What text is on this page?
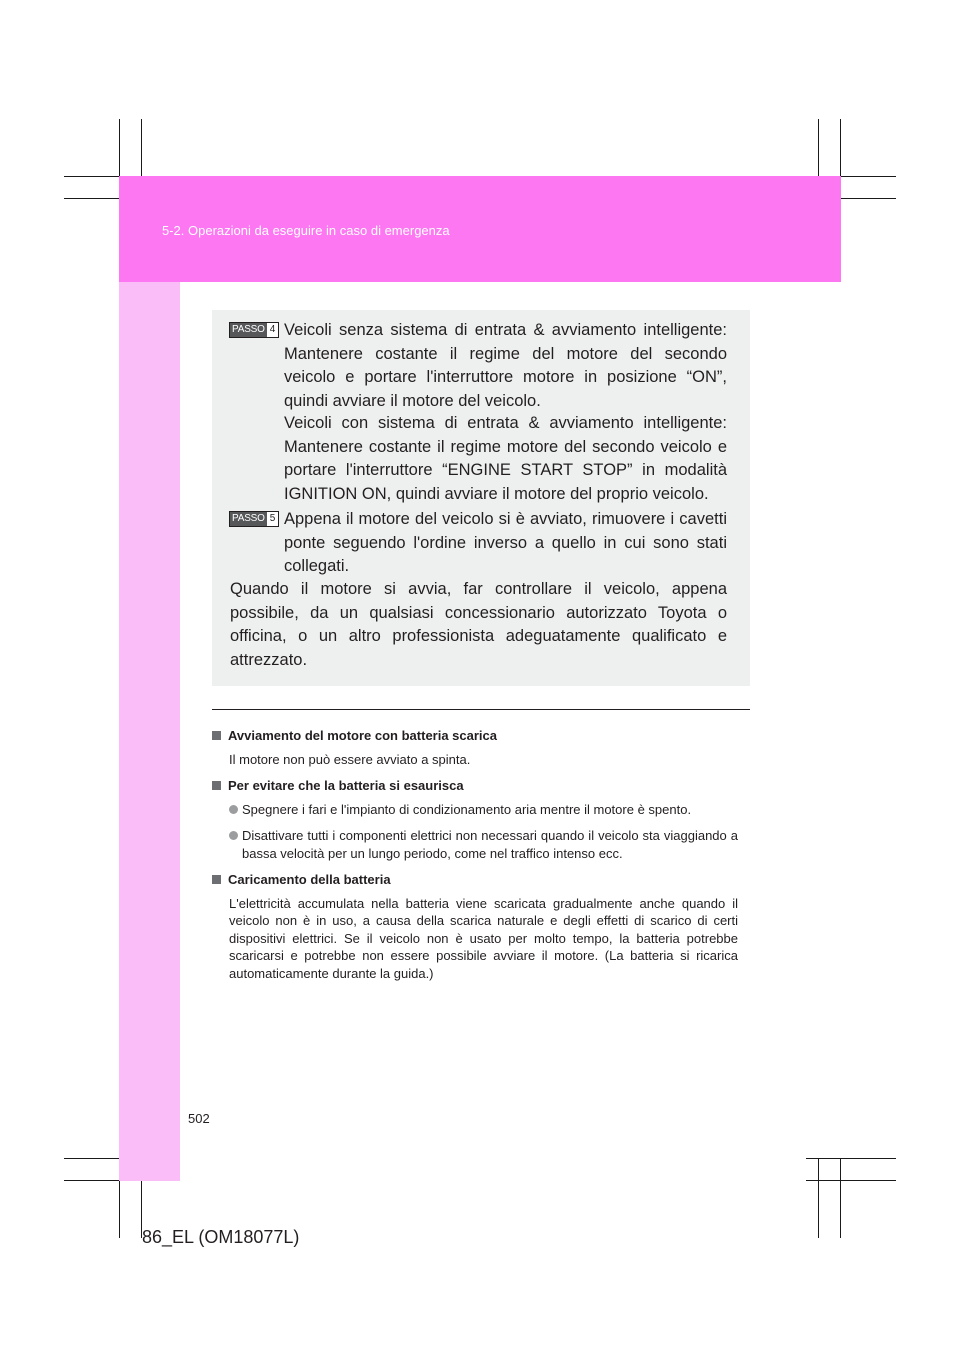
5-2. Operazioni da eseguire in caso di emergenza
PASSO 4 Veicoli senza sistema di entrata & avviamento intelligente: Mantenere costante il regime del motore del secondo veicolo e portare l'interruttore motore in posizione “ON”, quindi avviare il motore del veicolo.
Veicoli con sistema di entrata & avviamento intelligente: Mantenere costante il regime motore del secondo veicolo e portare l'interruttore “ENGINE START STOP” in modalità IGNITION ON, quindi avviare il motore del proprio veicolo.
PASSO 5 Appena il motore del veicolo si è avviato, rimuovere i cavetti ponte seguendo l'ordine inverso a quello in cui sono stati collegati.
Quando il motore si avvia, far controllare il veicolo, appena possibile, da un qualsiasi concessionario autorizzato Toyota o officina, o un altro professionista adeguatamente qualificato e attrezzato.
Avviamento del motore con batteria scarica
Il motore non può essere avviato a spinta.
Per evitare che la batteria si esaurisca
Spegnere i fari e l'impianto di condizionamento aria mentre il motore è spento.
Disattivare tutti i componenti elettrici non necessari quando il veicolo sta viaggiando a bassa velocità per un lungo periodo, come nel traffico intenso ecc.
Caricamento della batteria
L'elettricità accumulata nella batteria viene scaricata gradualmente anche quando il veicolo non è in uso, a causa della scarica naturale e degli effetti di scarico di certi dispositivi elettrici. Se il veicolo non è usato per molto tempo, la batteria potrebbe scaricarsi e potrebbe non essere possibile avviare il motore. (La batteria si ricarica automaticamente durante la guida.)
502
86_EL (OM18077L)
